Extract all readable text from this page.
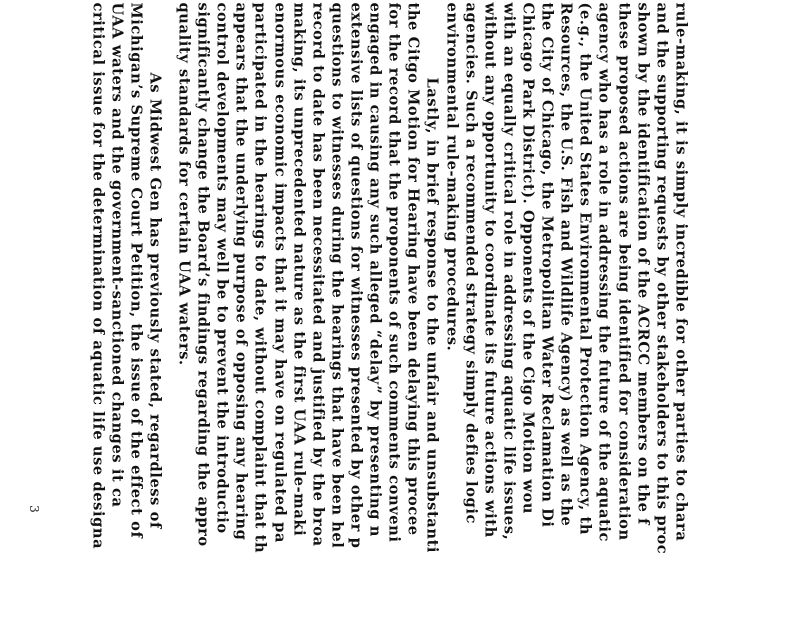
rule-making, it is simply incredible for other parties to chara
and the supporting requests by other stakeholders to this proc
shown by the identification of the ACRCC members on the f
these proposed actions are being identified for consideration
agency who has a role in addressing the future of the aquatic
(e.g., the United States Environmental Protection Agency, th
Resources, the U.S. Fish and Wildlife Agency) as well as the
the City of Chicago, the Metropolitan Water Reclamation Di
Chicago Park District). Opponents of the Cigo Motion wou
with an equally critical role in addressing aquatic life issues,
without any opportunity to coordinate its future actions with
agencies. Such a recommended strategy simply defies logic
environmental rule-making procedures.
Lastly, in brief response to the unfair and unsubstanti
the Citgo Motion for Hearing have been delaying this procee
for the record that the proponents of such comments conveni
engaged in causing any such alleged “delay” by presenting n
extensive lists of questions for witnesses presented by other p
questions to witnesses during the hearings that have been hel
record to date has been necessitated and justified by the broa
making, its unprecedented nature as the first UAA rule-maki
enormous economic impacts that it may have on regulated pa
participated in the hearings to date, without complaint that th
appears that the underlying purpose of opposing any hearing
control developments may well be to prevent the introductio
significantly change the Board’s findings regarding the appro
quality standards for certain UAA waters.
As Midwest Gen has previously stated, regardless of
Michigan’s Supreme Court Petition, the issue of the effect of
UAA waters and the government-sanctioned changes it ca
critical issue for the determination of aquatic life use designa
3
